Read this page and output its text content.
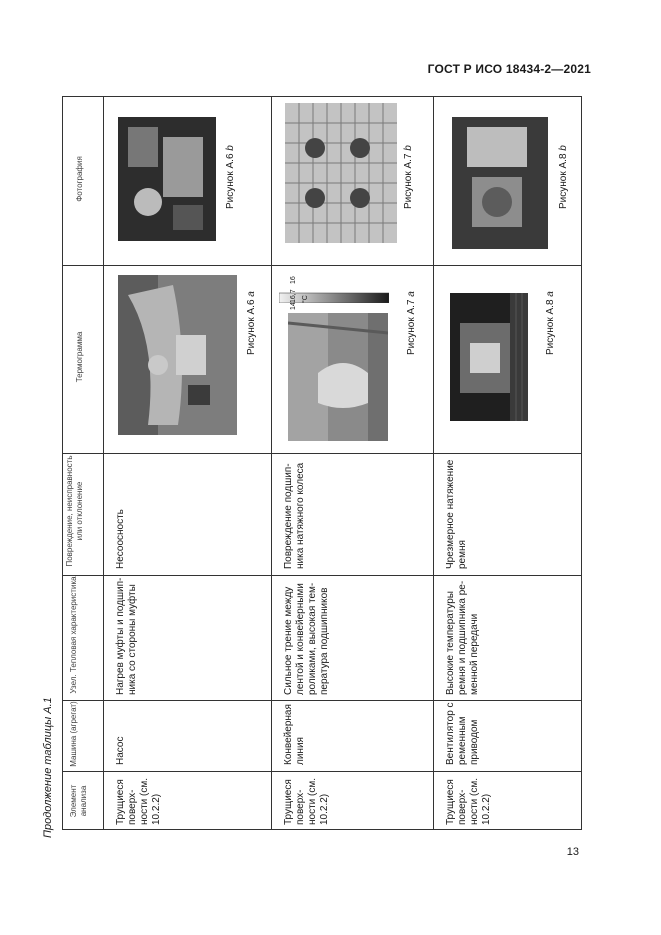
ГОСТ Р ИСО 18434-2—2021
Продолжение таблицы А.1
13
Элемент анализа
Машина (агрегат)
Узел. Тепловая характеристика
Повреждение, неисправность или отклонение
Термограмма
Фотография
Трущиеся поверхности (см. 10.2.2)
Насос
Нагрев муфты и подшипника со стороны муфты
Несоосность
Рисунок А.6 a
Рисунок А.6 b
Трущиеся поверхности (см. 10.2.2)
Конвейерная линия
Сильное трение между лентой и конвейерными роликами, высокая температура подшипников
Повреждение подшипника натяжного колеса
16,7 °C
16
14	Рисунок А.7 a
Рисунок А.7 b
Трущиеся поверхности (см. 10.2.2)
Вентилятор с ременным приводом
Высокие температуры ремня и подшипника ременной передачи
Чрезмерное натяжение ремня
Рисунок А.8 a
Рисунок А.8 b
